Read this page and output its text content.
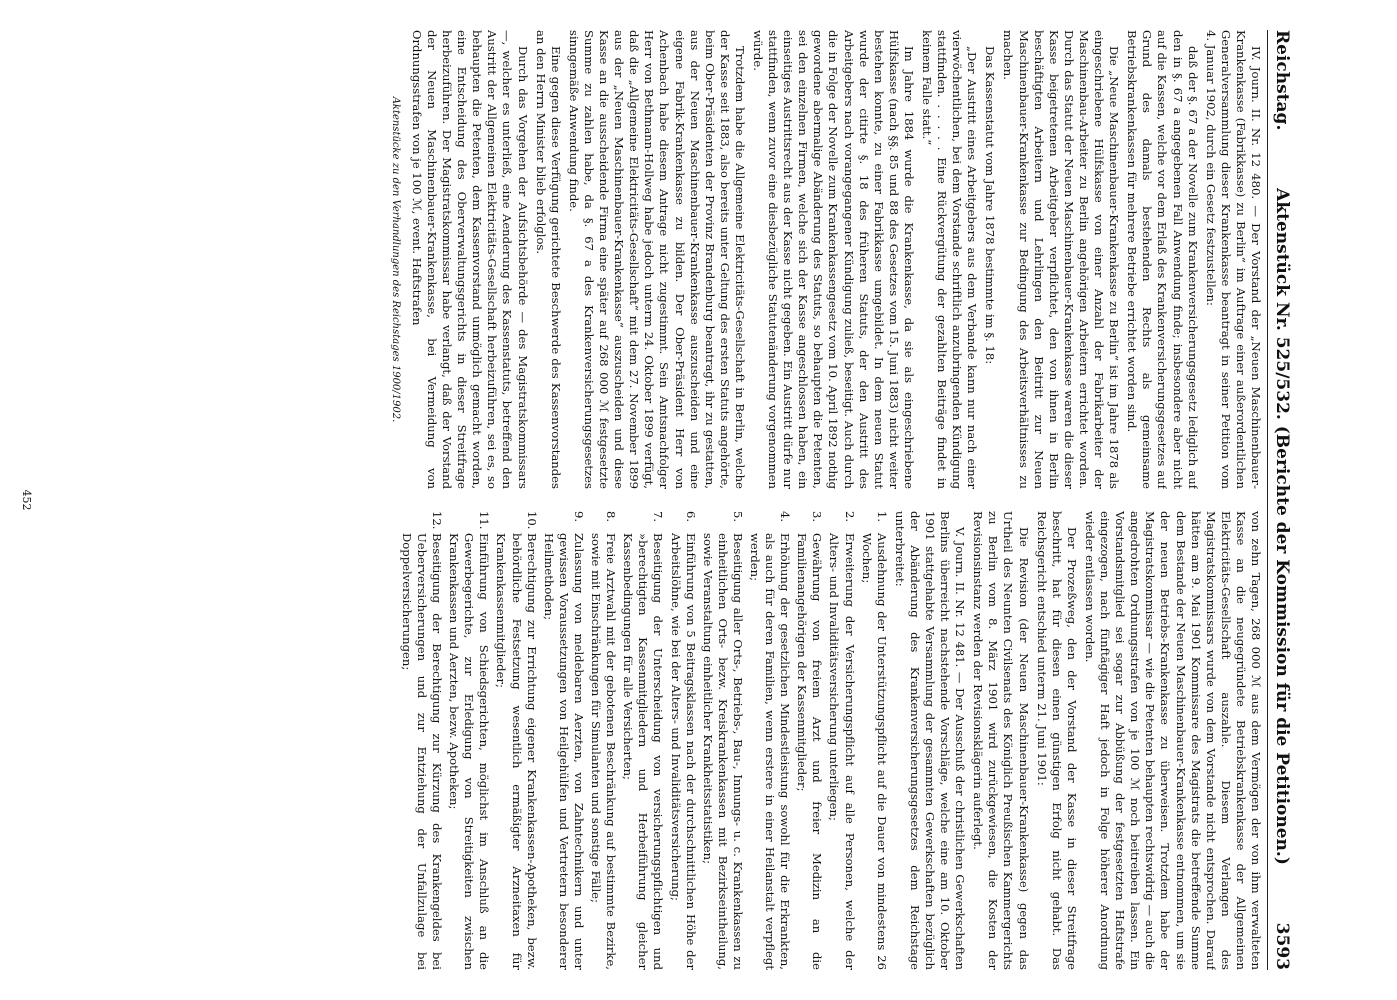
Reichstag.
Aktenstück Nr. 525/532. (Berichte der Kommission für die Petitionen.)
3593

IV. Journ. II. Nr. 12 480. — Der Vorstand der „Neuen Maschinenbauer-Krankenkasse (Fabrikkasse) zu Berlin“ im Auftrage einer außerordentlichen Generalversammlung dieser Krankenkasse beantragt in seiner Petition vom 4. Januar 1902, durch ein Gesetz festzustellen:

daß der §. 67 a der Novelle zum Krankenversicherungsgesetz lediglich auf den in §. 67 a angegebenen Fall Anwendung finde; insbesondere aber nicht auf die Kassen, welche vor dem Erlaß des Krankenversicherungsgesetzes auf Grund des damals bestehenden Rechts als gemeinsame Betriebskrankenkassen für mehrere Betriebe errichtet worden sind.

Die „Neue Maschinenbauer-Krankenkasse zu Berlin“ ist im Jahre 1878 als eingeschriebene Hülfskasse von einer Anzahl der Fabrikarbeiter der Maschinenbau-Arbeiter zu Berlin angehörigen Arbeitern errichtet worden. Durch das Statut der Neuen Maschinenbauer-Krankenkasse waren die dieser Kasse beigetretenen Arbeitgeber verpflichtet, den von ihnen in Berlin beschäftigten Arbeitern und Lehrlingen den Beitritt zur Neuen Maschinenbauer-Krankenkasse zur Bedingung des Arbeitsverhältnisses zu machen.

Das Kassenstatut vom Jahre 1878 bestimmte im §. 18:

„Der Austritt eines Arbeitgebers aus dem Verbande kann nur nach einer vierwöchentlichen, bei dem Vorstande schriftlich anzubringenden Kündigung stattfinden. . . . . . Eine Rückvergütung der gezahlten Beiträge findet in keinem Falle statt.“

Im Jahre 1884 wurde die Krankenkasse, da sie als eingeschriebene Hülfskasse (nach §§. 85 und 88 des Gesetzes vom 15. Juni 1883) nicht weiter bestehen konnte, zu einer Fabrikkasse umgebildet. In dem neuen Statut wurde der citirte §. 18 des früheren Statuts, der den Austritt des Arbeitgebers nach vorangegangener Kündigung zuließ, beseitigt. Auch durch die in Folge der Novelle zum Krankenkassengesetz vom 10. April 1892 nothig gewordene abermalige Abänderung des Statuts, so behaupten die Petenten, sei den einzelnen Firmen, welche sich der Kasse angeschlossen haben, ein einseitiges Austrittsrecht aus der Kasse nicht gegeben. Ein Austritt dürfe nur stattfinden, wenn zuvor eine diesbezügliche Statutenänderung vorgenommen würde.

Trotzdem habe die Allgemeine Elektricitäts-Gesellschaft in Berlin, welche der Kasse seit 1883, also bereits unter Geltung des ersten Statuts angehörte, beim Ober-Präsidenten der Provinz Brandenburg beantragt, ihr zu gestatten, aus der Neuen Maschinenbauer-Krankenkasse auszuscheiden und eine eigene Fabrik-Krankenkasse zu bilden. Der Ober-Präsident Herr von Achenbach habe diesem Antrage nicht zugestimmt. Sein Amtsnachfolger Herr von Bethmann-Hollweg habe jedoch unterm 24. Oktober 1899 verfügt, daß die „Allgemeine Elektricitäts-Gesellschaft“ mit dem 27. November 1899 aus der „Neuen Maschinenbauer-Krankenkasse“ auszuscheiden und diese Kasse an die ausscheidende Firma eine später auf 268 000 ℳ festgesetzte Summe zu zahlen habe, da §. 67 a des Krankenversicherungsgesetzes sinngemäße Anwendung finde.

Eine gegen diese Verfügung gerichtete Beschwerde des Kassenvorstandes an den Herrn Minister blieb erfolglos.

Durch das Vorgehen der Aufsichtsbehörde — des Magistratskommissars —, welcher es unterließ, eine Aenderung des Kassenstatuts, betreffend den Austritt der Allgemeinen Elektricitäts-Gesellschaft herbeizuführen, sei es, so behaupten die Petenten, dem Kassenvorstand unmöglich gemacht worden, eine Entscheidung des Oberverwaltungsgerichts in dieser Streitfrage herbeizuführen. Der Magistratskommissar habe verlangt, daß der Vorstand der Neuen Maschinenbauer-Krankenkasse, bei Vermeidung von Ordnungsstrafen von je 100 ℳ, event. Haftstrafen

Aktenstücke zu den Verhandlungen des Reichstages 1900/1902.

von zehn Tagen, 268 000 ℳ aus dem Vermögen der von ihm verwalteten Kasse an die neugegründete Betriebskrankenkasse der Allgemeinen Elektricitäts-Gesellschaft auszahle. Diesem Verlangen des Magistratskommissars wurde von dem Vorstande nicht entsprochen. Darauf hätten am 9. Mai 1901 Kommissare des Magistrats die betreffende Summe dem Bestande der Neuen Maschinenbauer-Krankenkasse entnommen, um sie der neuen Betriebs-Krankenkasse zu überweisen. Trotzdem habe der Magistratskommissar — wie die Petenten behaupten rechtswidrig — auch die angedrohten Ordnungsstrafen von je 100 ℳ noch beitreiben lassen. Ein Vorstandsmitglied sei sogar zur Abbüßung der festgesetzten Haftstrafe eingezogen, nach fünftägiger Haft jedoch in Folge höherer Anordnung wieder entlassen worden.

Der Prozeßweg, den der Vorstand der Kasse in dieser Streitfrage beschritt, hat für diesen einen günstigen Erfolg nicht gehabt. Das Reichsgericht entschied unterm 21. Juni 1901:

Die Revision (der Neuen Maschinenbauer-Krankenkasse) gegen das Urtheil des Neunten Civilsenats des Königlich Preußischen Kammergerichts zu Berlin vom 8. März 1901 wird zurückgewiesen, die Kosten der Revisionsinstanz werden der Revisionsklägerin auferlegt.

V. Journ. II. Nr. 12 481. — Der Ausschuß der christlichen Gewerkschaften Berlins überreicht nachstehende Vorschläge, welche eine am 10. Oktober 1901 stattgehabte Versammlung der gesammten Gewerkschaften bezüglich der Abänderung des Krankenversicherungsgesetzes dem Reichstage unterbreitet:

1.
Ausdehnung der Unterstützungspflicht auf die Dauer von mindestens 26 Wochen;
2.
Erweiterung der Versicherungspflicht auf alle Personen, welche der Alters- und Invaliditätsversicherung unterliegen;
3.
Gewährung von freiem Arzt und freier Medizin an die Familienangehörigen der Kassenmitglieder;
4.
Erhöhung der gesetzlichen Mindestleistung sowohl für die Erkrankten, als auch für deren Familien, wenn erstere in einer Heilanstalt verpflegt werden;
5.
Beseitigung aller Orts-, Betriebs-, Bau-, Innungs- u. c. Krankenkassen zu einheitlichen Orts- bezw. Kreiskrankenkassen mit Bezirkseintheilung, sowie Veranstaltung einheitlicher Krankheitsstatistiken;
6.
Einführung von 5 Beitragsklassen nach der durchschnittlichen Höhe der Arbeitslöhne, wie bei der Alters- und Invaliditätsversicherung;
7.
Beseitigung der Unterscheidung von versicherungspflichtigen und »berechtigten Kassenmitgliedern und Herbeiführung gleicher Kassenbedingungen für alle Versicherten;
8.
Freie Arztwahl mit der gebotenen Beschränkung auf bestimmte Bezirke, sowie mit Einschränkungen für Simulanten und sonstige Fälle;
9.
Zulassung von meldebaren Aerzten, von Zahntechnikern und unter gewissen Voraussetzungen von Heilgehülfen und Vertretern besonderer Heilmethoden;
10.
Berechtigung zur Errichtung eigener Krankenkassen-Apotheken, bezw. behördliche Festsetzung wesentlich ermäßigter Arzneitaxen für Krankenkassenmitglieder;
11.
Einführung von Schiedsgerichten, möglichst im Anschluß an die Gewerbegerichte, zur Erledigung von Streitigkeiten zwischen Krankenkassen und Aerzten, bezw. Apotheken;
12.
Beseitigung der Berechtigung zur Kürzung des Krankengeldes bei Ueberversicherungen und zur Entziehung der Unfallzulage bei Doppelversicherungen;
452
